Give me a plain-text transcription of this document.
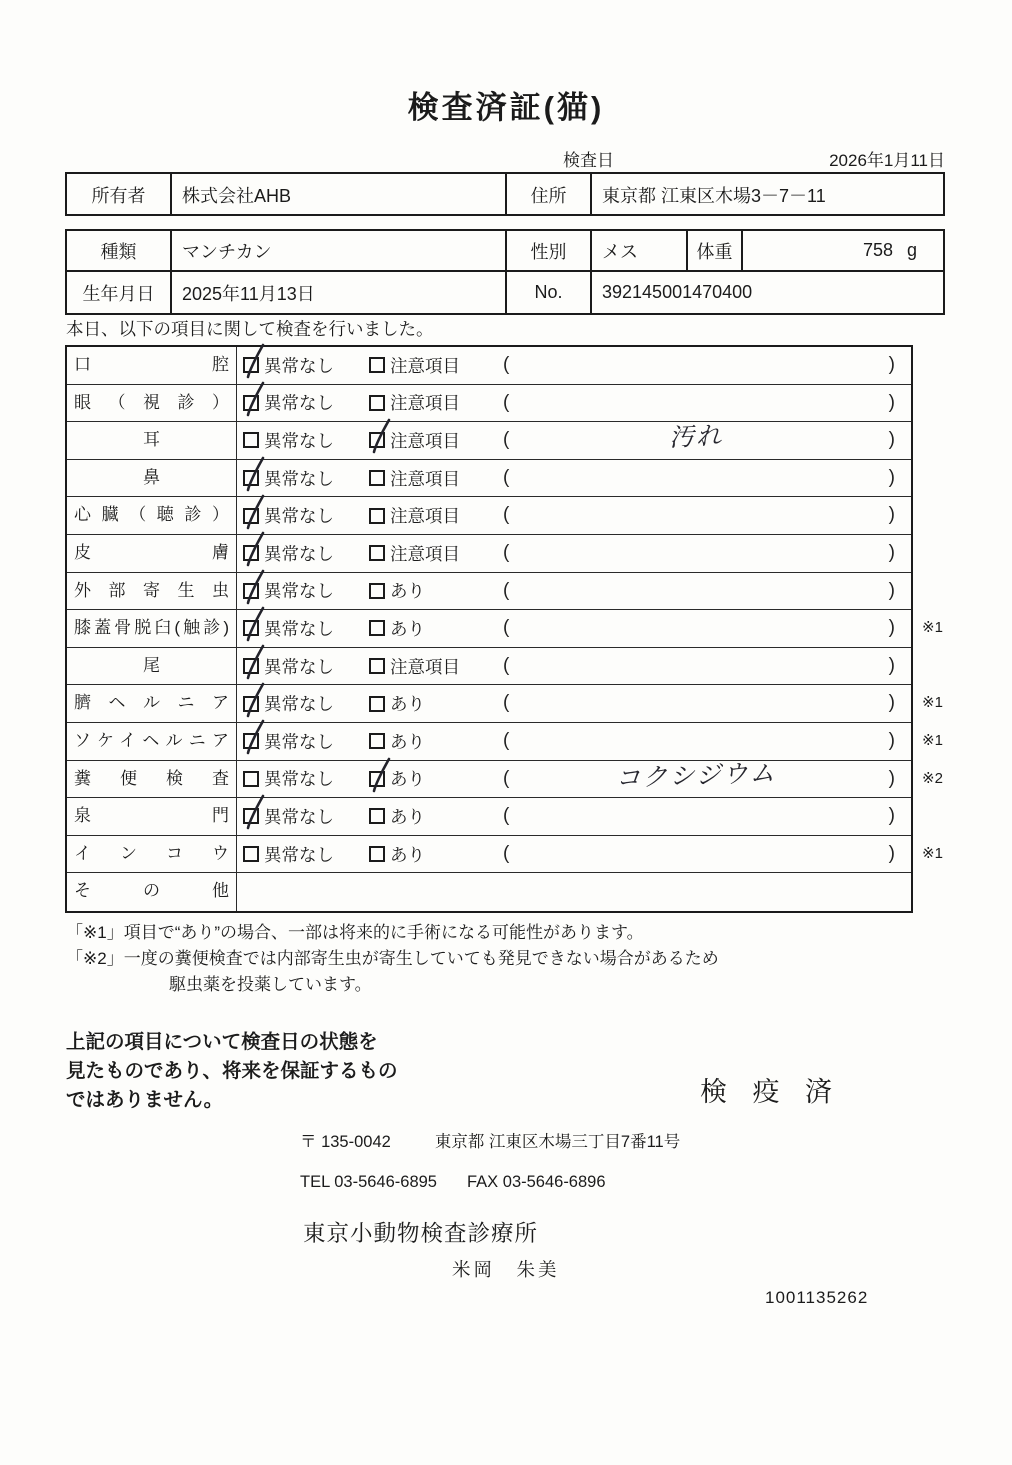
検査済証(猫)
検査日	2026年1月11日
所有者	株式会社AHB	住所	東京都 江東区木場3－7－11
種類	マンチカン	性別	メス	体重	758 g
生年月日	2025年11月13日	No.	392145001470400
本日、以下の項目に関して検査を行いました。
口腔	異常なし	注意項目 (	)
眼（視診）	異常なし	注意項目 (	)
耳	異常なし	注意項目 (	汚れ	)
鼻	異常なし	注意項目 (	)
心臓（聴診）	異常なし	注意項目 (	)
皮膚	異常なし	注意項目 (	)
外部寄生虫	異常なし	あり	(	)
膝蓋骨脱臼(触診)	異常なし	あり	(	)	※1
尾	異常なし	注意項目 (	)
臍ヘルニア	異常なし	あり	(	)	※1
ソケイヘルニア	異常なし	あり	(	)	※1
糞便検査	異常なし	あり	(	コクシジウム	)	※2
泉門	異常なし	あり	(	)
インコウ	異常なし	あり	(	)	※1
その他
「※1」項目で“あり”の場合、一部は将来的に手術になる可能性があります。
「※2」一度の糞便検査では内部寄生虫が寄生していても発見できない場合があるため
駆虫薬を投薬しています。
上記の項目について検査日の状態を
見たものであり、将来を保証するもの
ではありません。	検 疫 済
〒 135-0042	東京都 江東区木場三丁目7番11号
TEL 03-5646-6895 FAX 03-5646-6896
東京小動物検査診療所
米岡　朱美
1001135262
